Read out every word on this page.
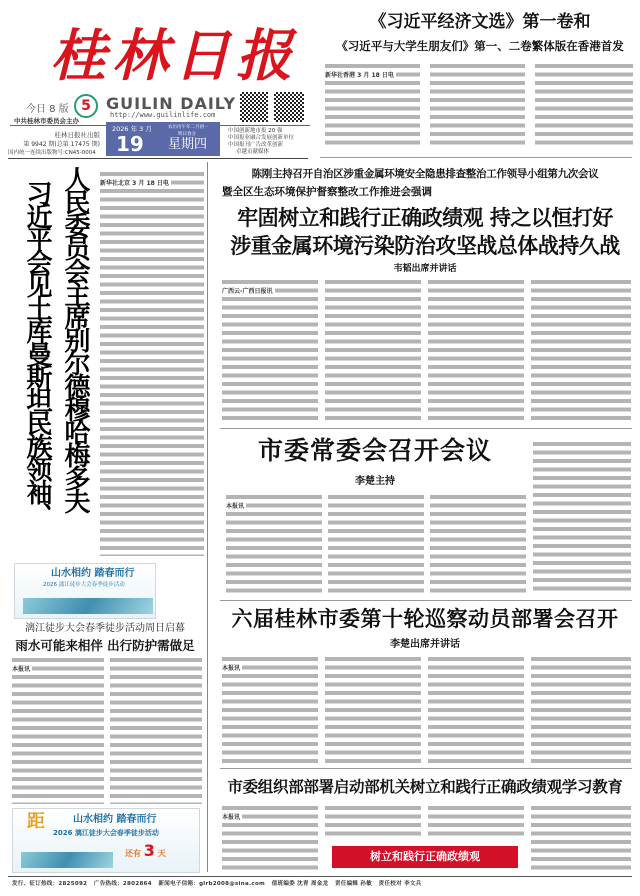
桂林日报
今日 8 版 5
中共桂林市委员会主办
GUILIN DAILY
http://www.guilinlife.com
桂林日报社出版
第 9942 期(总第 17475 期)
国内统一连续出版物号:CN45-0004
2026 年 3 月	农历丙午年二月初一
明日春分
19 星期四
中国创新地市报 20 强
中国报业融合发展创新单位
中国报刊广告改革创新
卓越贡献媒体
《习近平经济文选》第一卷和
《习近平与大学生朋友们》第一、二卷繁体版在香港首发
新华社香港 3 月 18 日电
习近平会见土库曼斯坦民族领袖、 人民委员会主席别尔德穆哈梅多夫 新华社北京 3 月 18 日电
山水相约 踏春而行
2026 漓江徒步大会春季徒步活动
漓江徒步大会春季徒步活动周日启幕
雨水可能来相伴 出行防护需做足
本报讯
距	山水相约 踏春而行
2026 漓江徒步大会春季徒步活动
还有 3 天
陈刚主持召开自治区涉重金属环境安全隐患排查整治工作领导小组第九次会议
暨全区生态环境保护督察整改工作推进会强调
牢固树立和践行正确政绩观 持之以恒打好
涉重金属环境污染防治攻坚战总体战持久战
韦韬出席并讲话
广西云-广西日报讯
市委常委会召开会议
李楚主持
本报讯
六届桂林市委第十轮巡察动员部署会召开
李楚出席并讲话
本报讯
市委组织部部署启动部机关树立和践行正确政绩观学习教育
本报讯
树立和践行正确政绩观
发行、征订热线：2825092   广告热线：2802864   新闻电子信箱：glrb2008@sina.com   值班编委 沈青 周金龙   责任编辑 孙敏   责任校对 李文兵
